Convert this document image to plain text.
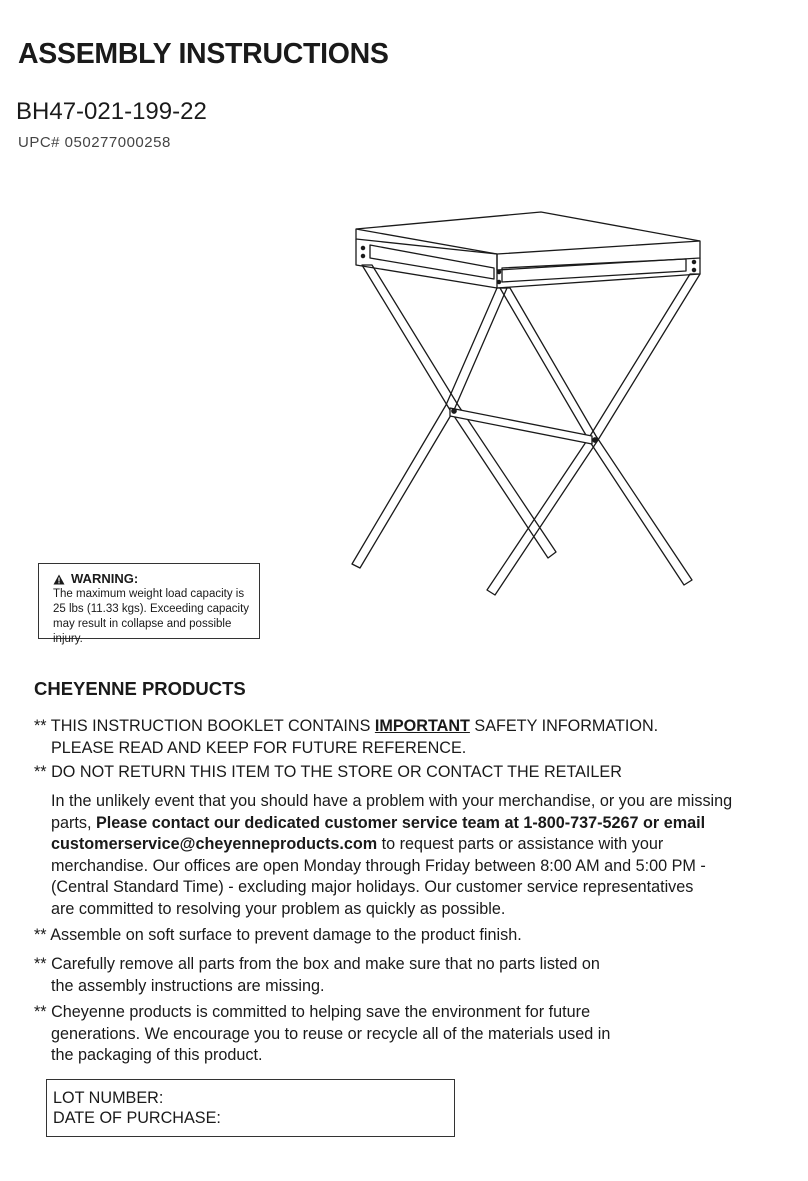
ASSEMBLY INSTRUCTIONS
BH47-021-199-22
UPC# 050277000258
WARNING:
The maximum weight load capacity is 25 lbs (11.33 kgs). Exceeding capacity may result in collapse and possible injury.
CHEYENNE PRODUCTS
** THIS INSTRUCTION BOOKLET CONTAINS IMPORTANT SAFETY INFORMATION.
PLEASE READ AND KEEP FOR FUTURE REFERENCE.
** DO NOT RETURN THIS ITEM TO THE STORE OR CONTACT THE RETAILER
In the unlikely event that you should have a problem with your merchandise, or you are missing
parts, Please contact our dedicated customer service team at 1-800-737-5267 or email
customerservice@cheyenneproducts.com to request parts or assistance with your
merchandise. Our offices are open Monday through Friday between 8:00 AM and 5:00 PM -
(Central Standard Time) - excluding major holidays. Our customer service representatives
are committed to resolving your problem as quickly as possible.
** Assemble on soft surface to prevent damage to the product finish.
** Carefully remove all parts from the box and make sure that no parts listed on
the assembly instructions are missing.
** Cheyenne products is committed to helping save the environment for future
generations. We encourage you to reuse or recycle all of the materials used in
the packaging of this product.
LOT NUMBER:
DATE OF PURCHASE:
